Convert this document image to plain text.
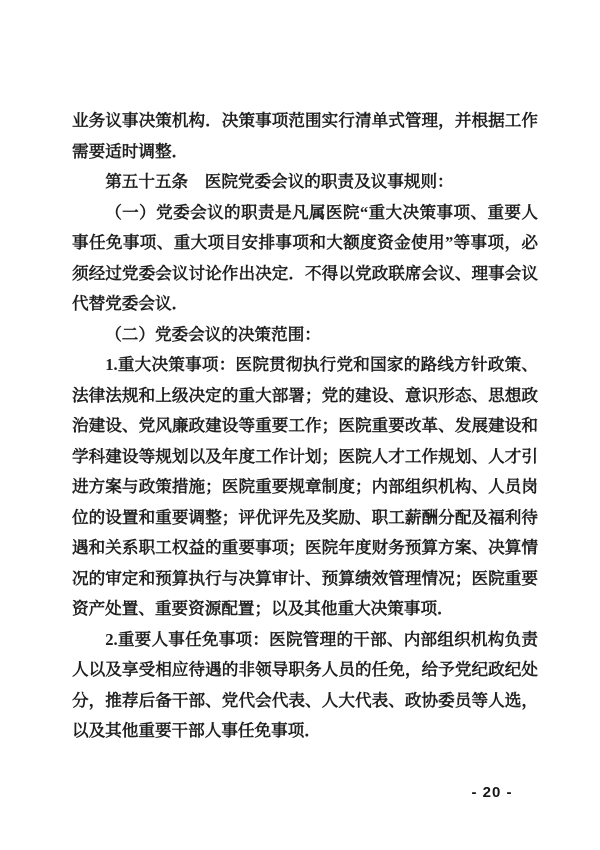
业务议事决策机构．决策事项范围实行清单式管理，并根据工作需要适时调整．

第五十五条　医院党委会议的职责及议事规则：

（一）党委会议的职责是凡属医院“重大决策事项、重要人事任免事项、重大项目安排事项和大额度资金使用”等事项，必须经过党委会议讨论作出决定．不得以党政联席会议、理事会议代替党委会议．

（二）党委会议的决策范围：

1.重大决策事项：医院贯彻执行党和国家的路线方针政策、法律法规和上级决定的重大部署；党的建设、意识形态、思想政治建设、党风廉政建设等重要工作；医院重要改革、发展建设和学科建设等规划以及年度工作计划；医院人才工作规划、人才引进方案与政策措施；医院重要规章制度；内部组织机构、人员岗位的设置和重要调整；评优评先及奖励、职工薪酬分配及福利待遇和关系职工权益的重要事项；医院年度财务预算方案、决算情况的审定和预算执行与决算审计、预算绩效管理情况；医院重要资产处置、重要资源配置；以及其他重大决策事项．

2.重要人事任免事项：医院管理的干部、内部组织机构负责人以及享受相应待遇的非领导职务人员的任免，给予党纪政纪处分，推荐后备干部、党代会代表、人大代表、政协委员等人选，以及其他重要干部人事任免事项．

- 20 -
